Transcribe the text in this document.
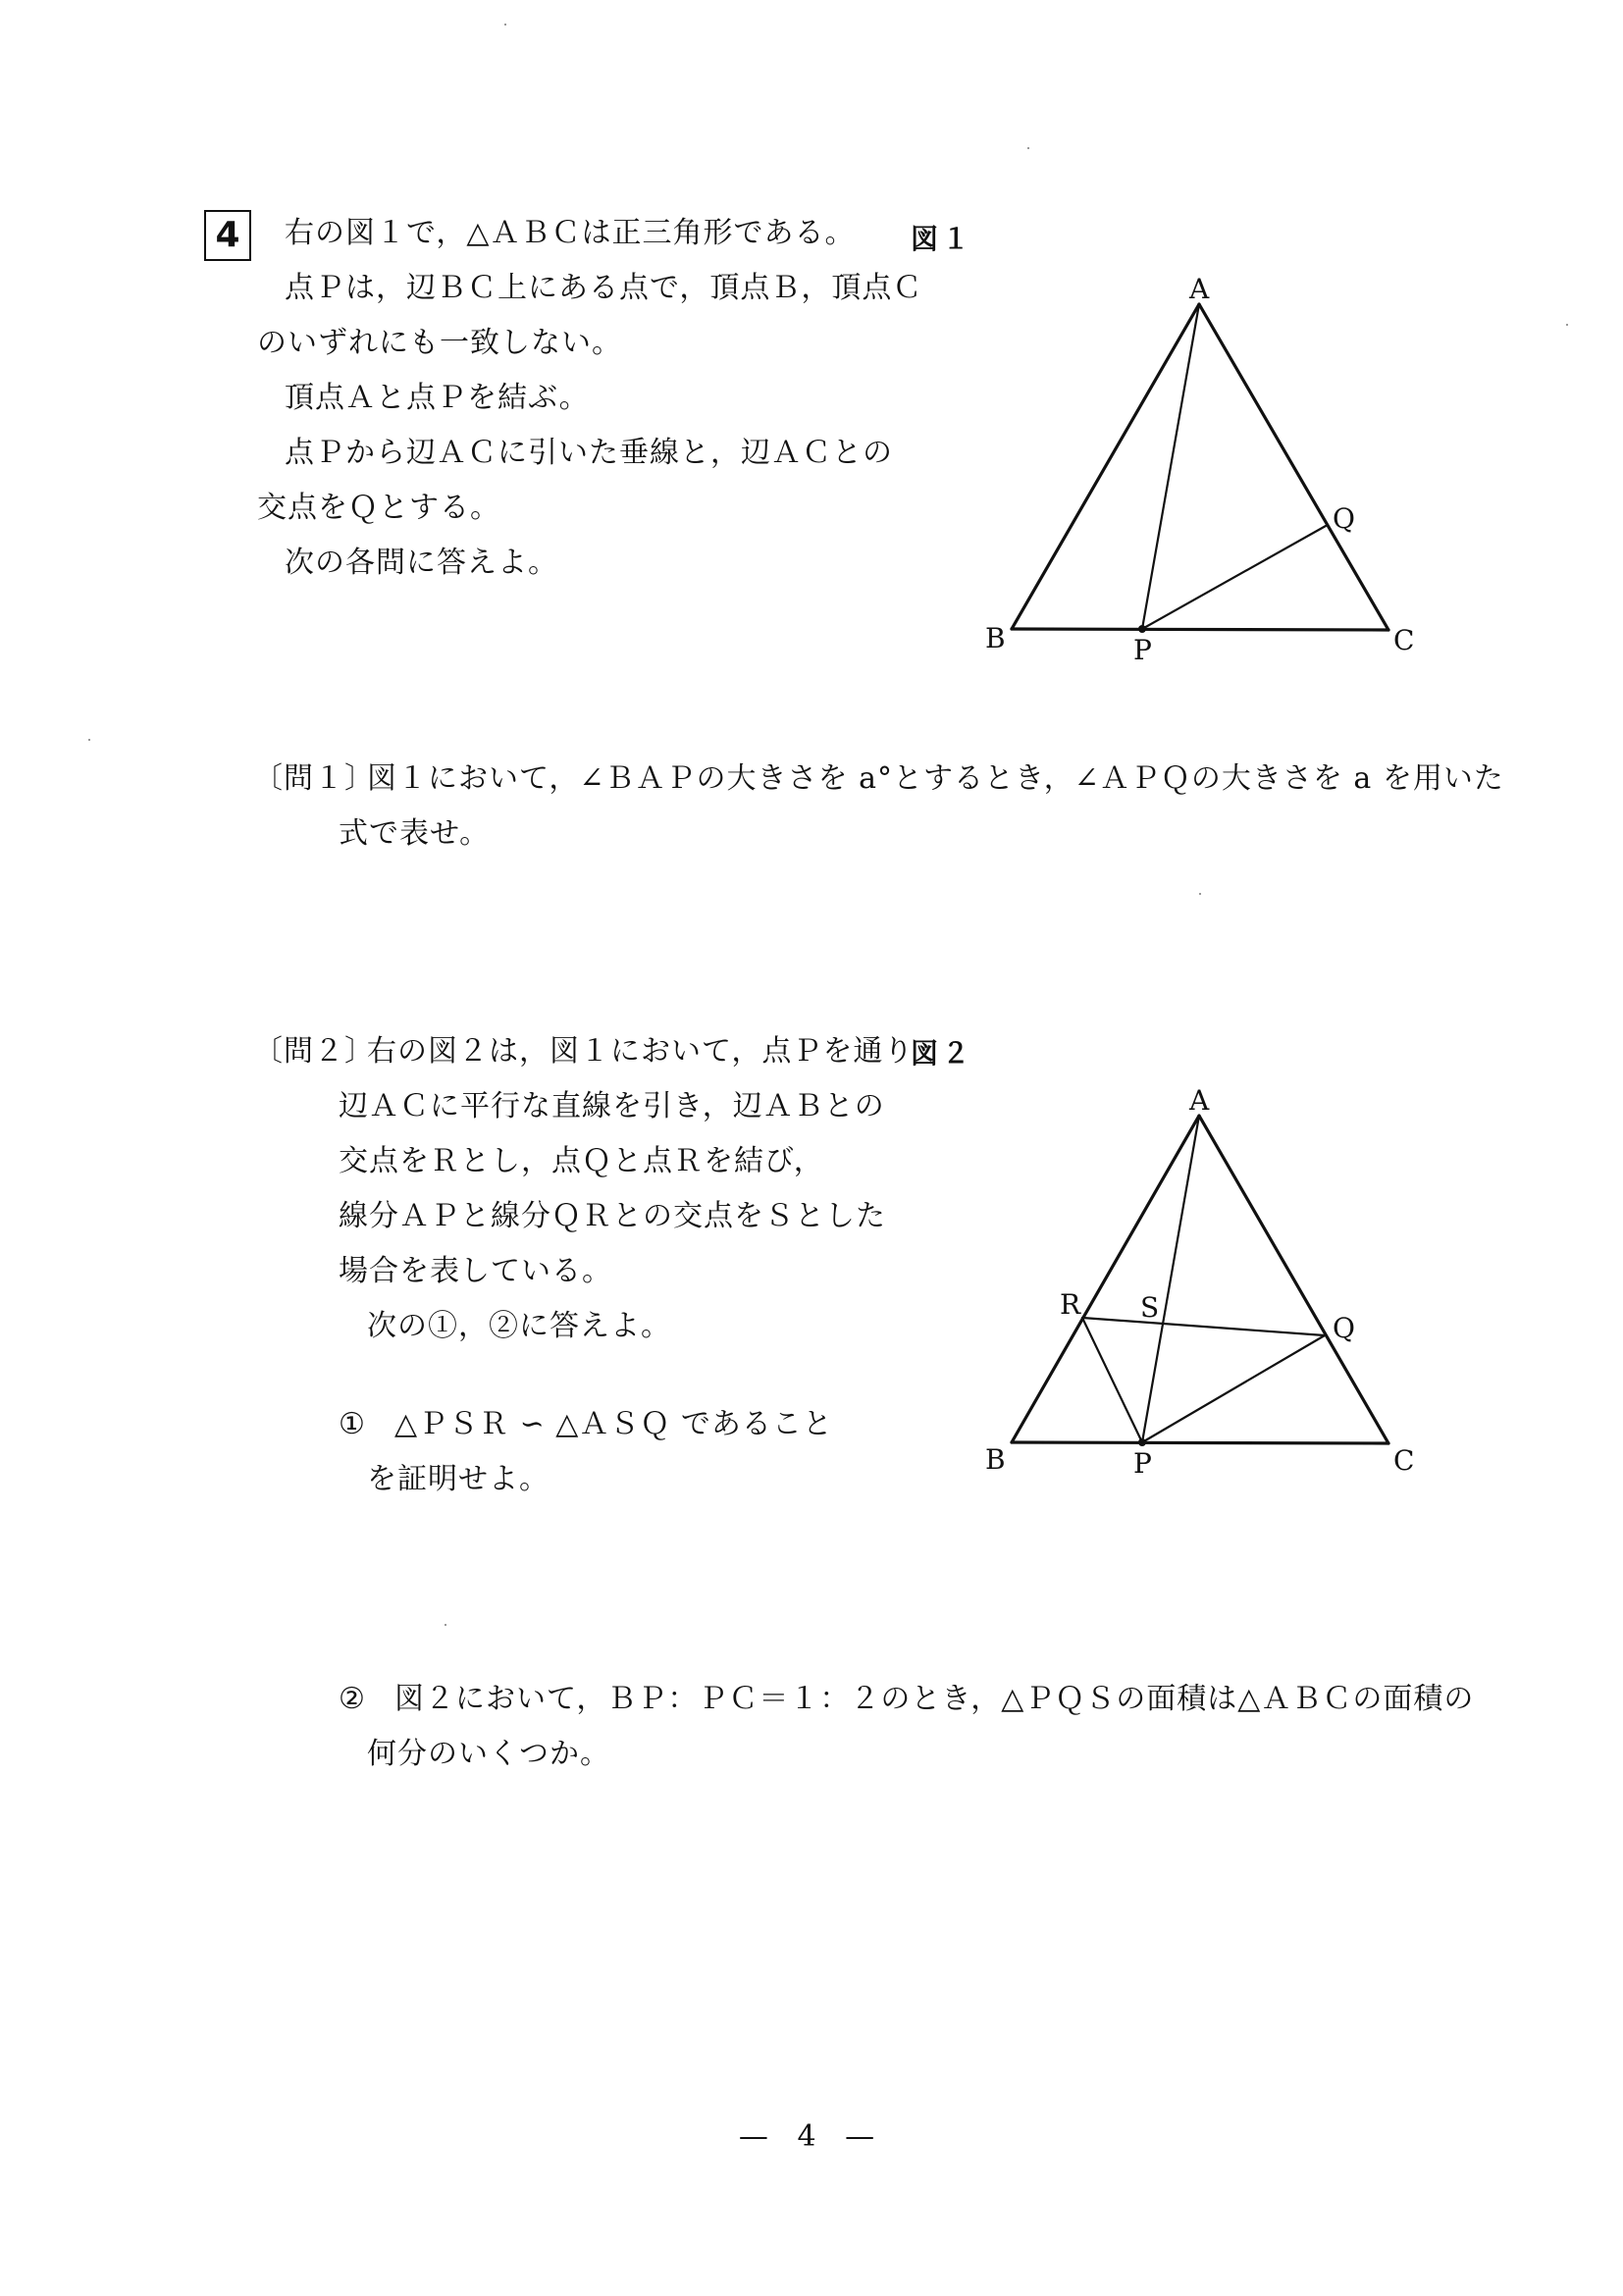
4	右の図１で，△ＡＢＣは正三角形である。
点Ｐは，辺ＢＣ上にある点で，頂点Ｂ，頂点Ｃ
のいずれにも一致しない。
頂点Ａと点Ｐを結ぶ。
点Ｐから辺ＡＣに引いた垂線と，辺ＡＣとの
交点をＱとする。
次の各問に答えよ。
図１
A
B	C
P
Q
〔問１〕
図１において，∠ＢＡＰの大きさを a°とするとき，∠ＡＰＱの大きさを a を用いた
式で表せ。
〔問２〕
右の図２は，図１において，点Ｐを通り
辺ＡＣに平行な直線を引き，辺ＡＢとの
交点をＲとし，点Ｑと点Ｒを結び，
線分ＡＰと線分ＱＲとの交点をＳとした
場合を表している。
次の①，②に答えよ。
① △ＰＳＲ ∽ △ＡＳＱ であること
を証明せよ。
図２
A
B	C
P
Q
R S
② 図２において，ＢＰ：ＰＣ＝１：２のとき，△ＰＱＳの面積は△ＡＢＣの面積の
何分のいくつか。
— 4 —
